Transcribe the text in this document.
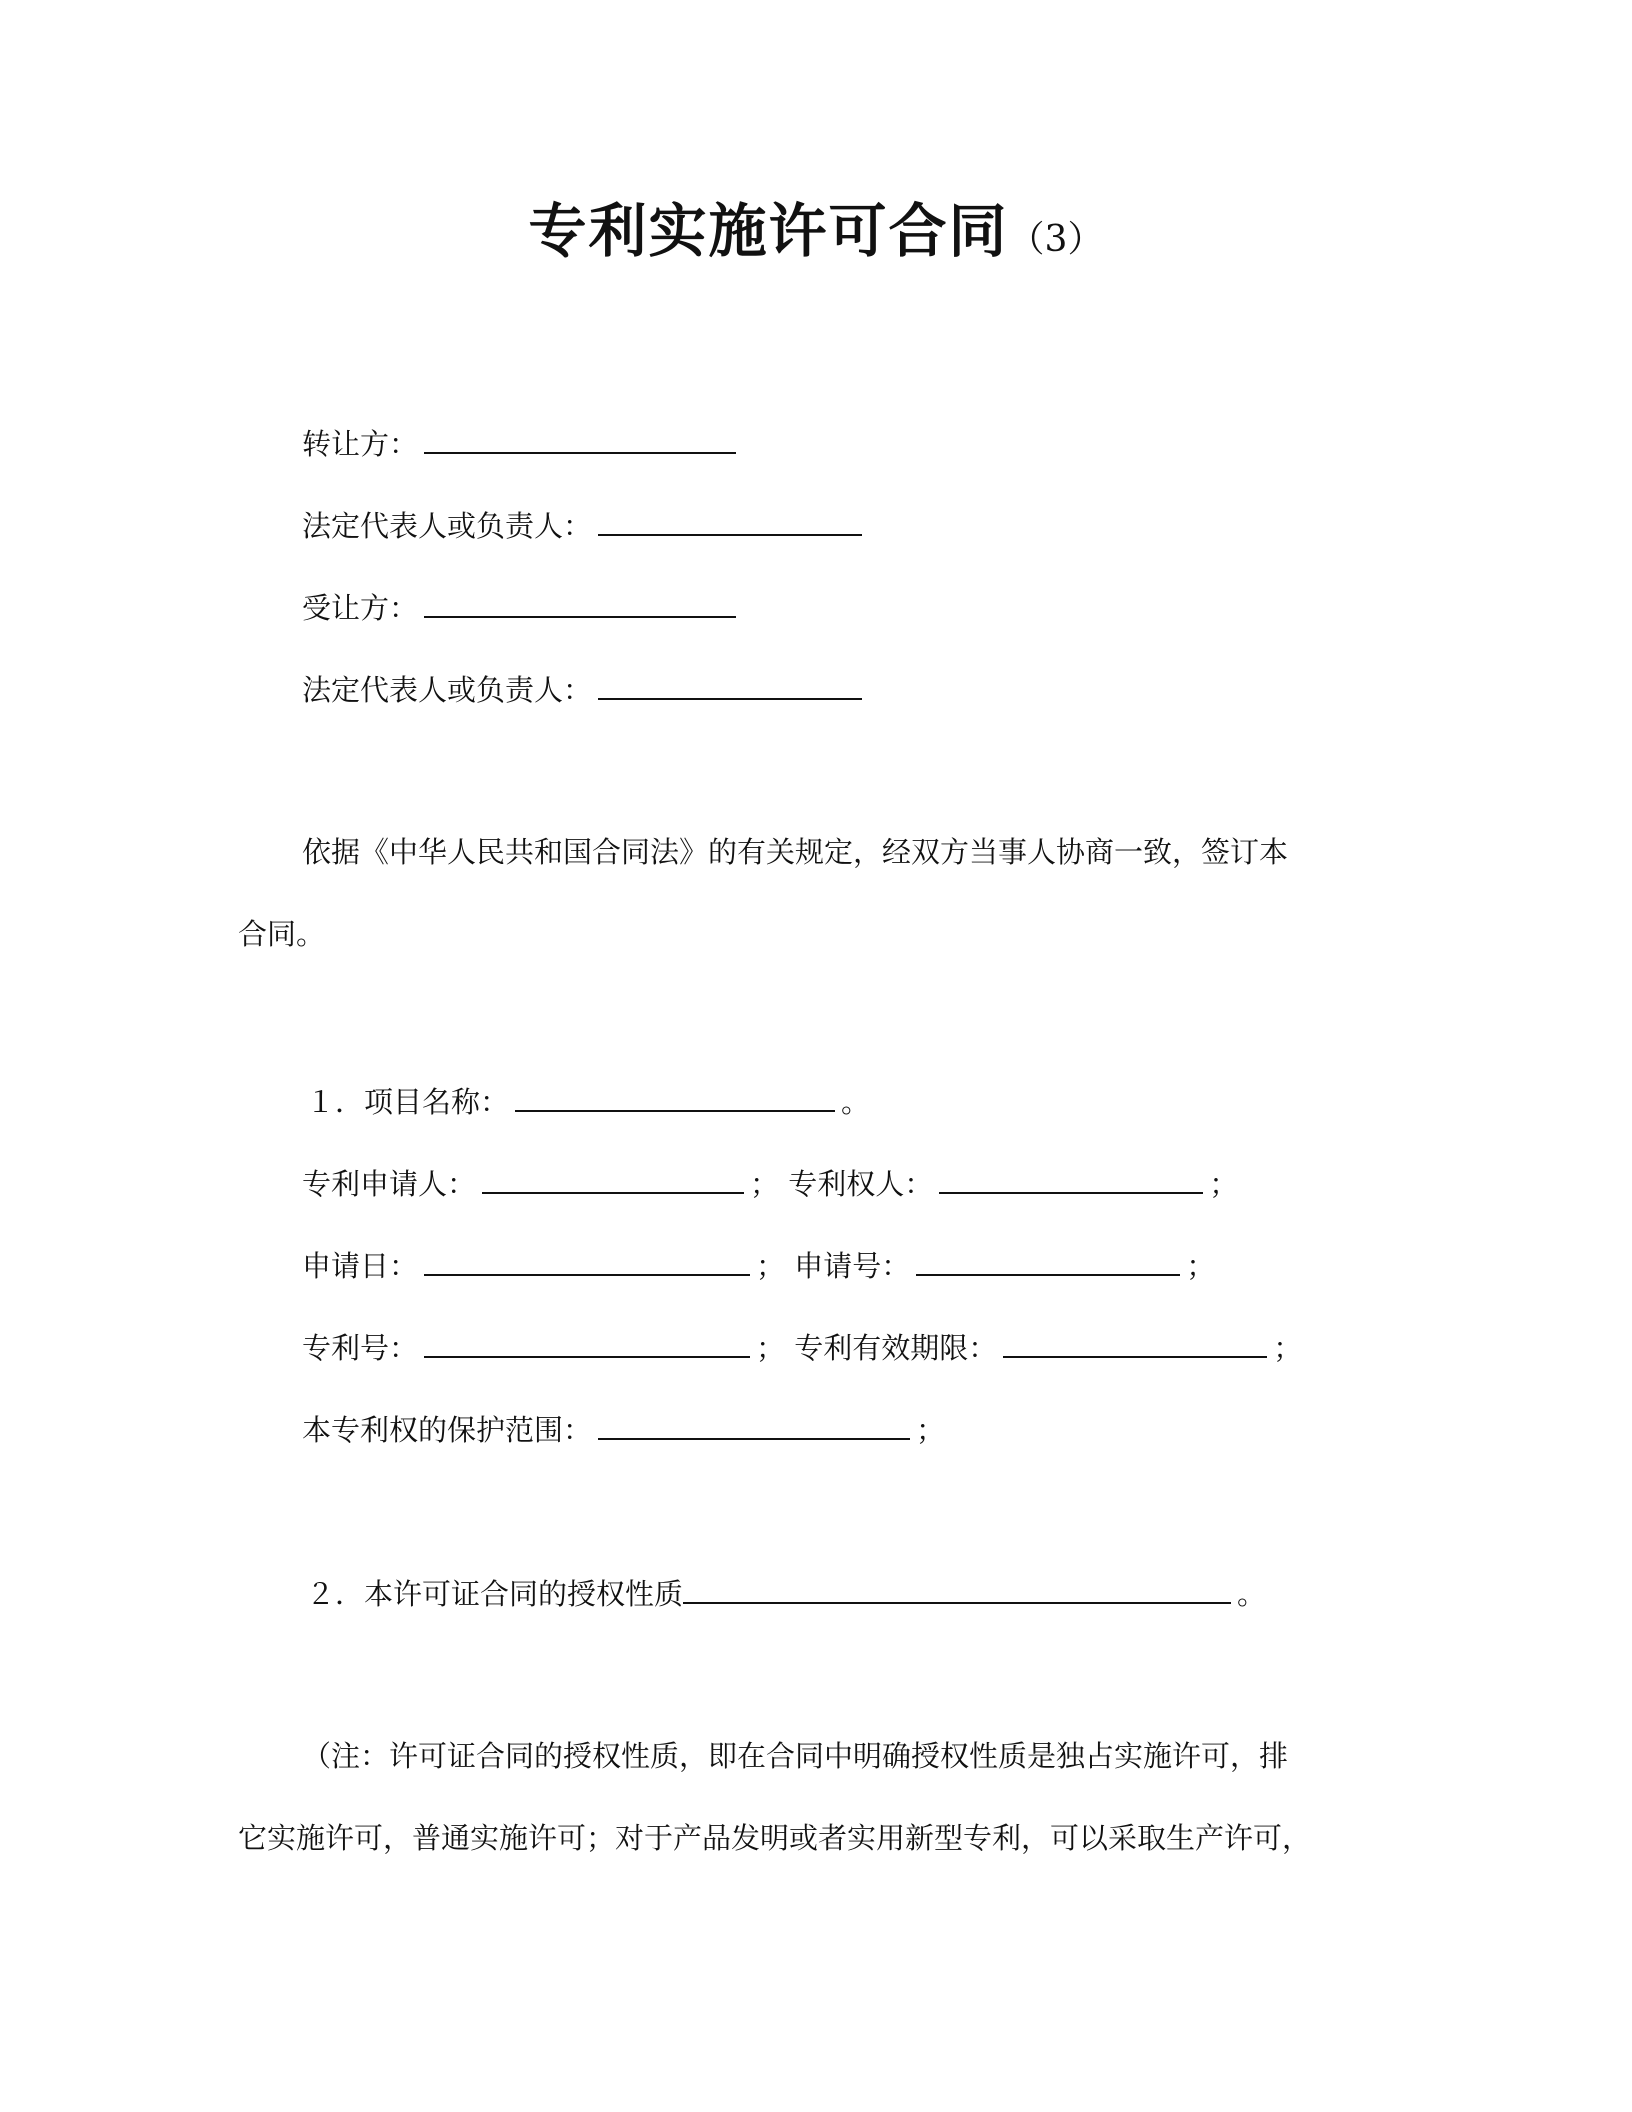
专利实施许可合同（3）
转让方：
法定代表人或负责人：
受让方：
法定代表人或负责人：
依据《中华人民共和国合同法》的有关规定，经双方当事人协商一致，签订本
合同。
１．项目名称：	。
专利申请人：	； 专利权人：	；
申请日：	； 申请号：	；
专利号：	； 专利有效期限：	；
本专利权的保护范围：	；
２．本许可证合同的授权性质	。
（注：许可证合同的授权性质，即在合同中明确授权性质是独占实施许可，排
它实施许可，普通实施许可；对于产品发明或者实用新型专利，可以采取生产许可，
